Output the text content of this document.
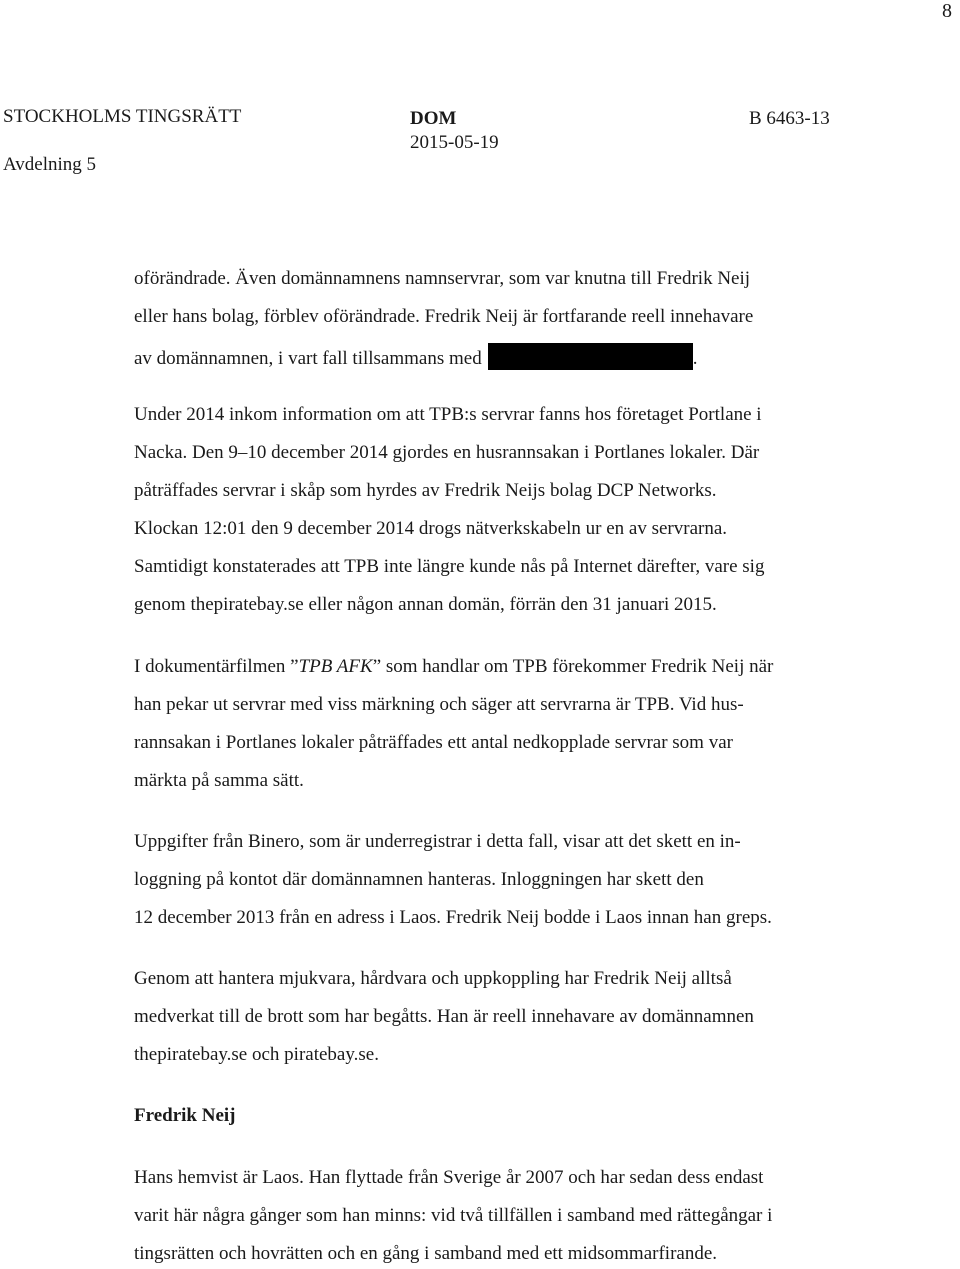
8
STOCKHOLMS TINGSRÄTT
Avdelning 5
DOM
2015-05-19
B 6463-13
oförändrade. Även domännamnens namnservrar, som var knutna till Fredrik Neij
eller hans bolag, förblev oförändrade. Fredrik Neij är fortfarande reell innehavare
av domännamnen, i vart fall tillsammans med	.
Under 2014 inkom information om att TPB:s servrar fanns hos företaget Portlane i
Nacka. Den 9–10 december 2014 gjordes en husrannsakan i Portlanes lokaler. Där
påträffades servrar i skåp som hyrdes av Fredrik Neijs bolag DCP Networks.
Klockan 12:01 den 9 december 2014 drogs nätverkskabeln ur en av servrarna.
Samtidigt konstaterades att TPB inte längre kunde nås på Internet därefter, vare sig
genom thepiratebay.se eller någon annan domän, förrän den 31 januari 2015.
I dokumentärfilmen ”TPB AFK” som handlar om TPB förekommer Fredrik Neij när
han pekar ut servrar med viss märkning och säger att servrarna är TPB. Vid hus-
rannsakan i Portlanes lokaler påträffades ett antal nedkopplade servrar som var
märkta på samma sätt.
Uppgifter från Binero, som är underregistrar i detta fall, visar att det skett en in-
loggning på kontot där domännamnen hanteras. Inloggningen har skett den
12 december 2013 från en adress i Laos. Fredrik Neij bodde i Laos innan han greps.
Genom att hantera mjukvara, hårdvara och uppkoppling har Fredrik Neij alltså
medverkat till de brott som har begåtts. Han är reell innehavare av domännamnen
thepiratebay.se och piratebay.se.
Fredrik Neij
Hans hemvist är Laos. Han flyttade från Sverige år 2007 och har sedan dess endast
varit här några gånger som han minns: vid två tillfällen i samband med rättegångar i
tingsrätten och hovrätten och en gång i samband med ett midsommarfirande.
